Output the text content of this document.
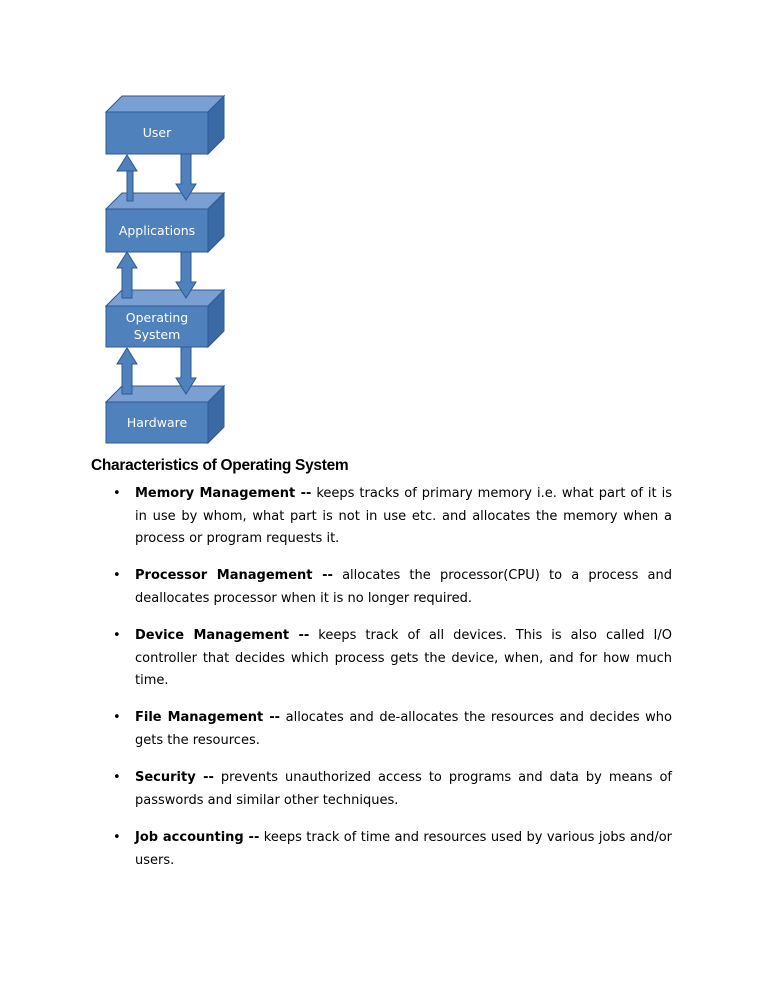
User
Applications
Operating
System
Hardware
Characteristics of Operating System
• Memory Management -- keeps tracks of primary memory i.e. what part of it is in use by whom, what part is not in use etc. and allocates the memory when a process or program requests it.
• Processor Management -- allocates the processor(CPU) to a process and deallocates processor when it is no longer required.
• Device Management -- keeps track of all devices. This is also called I/O controller that decides which process gets the device, when, and for how much time.
• File Management -- allocates and de-allocates the resources and decides who gets the resources.
• Security -- prevents unauthorized access to programs and data by means of passwords and similar other techniques.
• Job accounting -- keeps track of time and resources used by various jobs and/or users.
